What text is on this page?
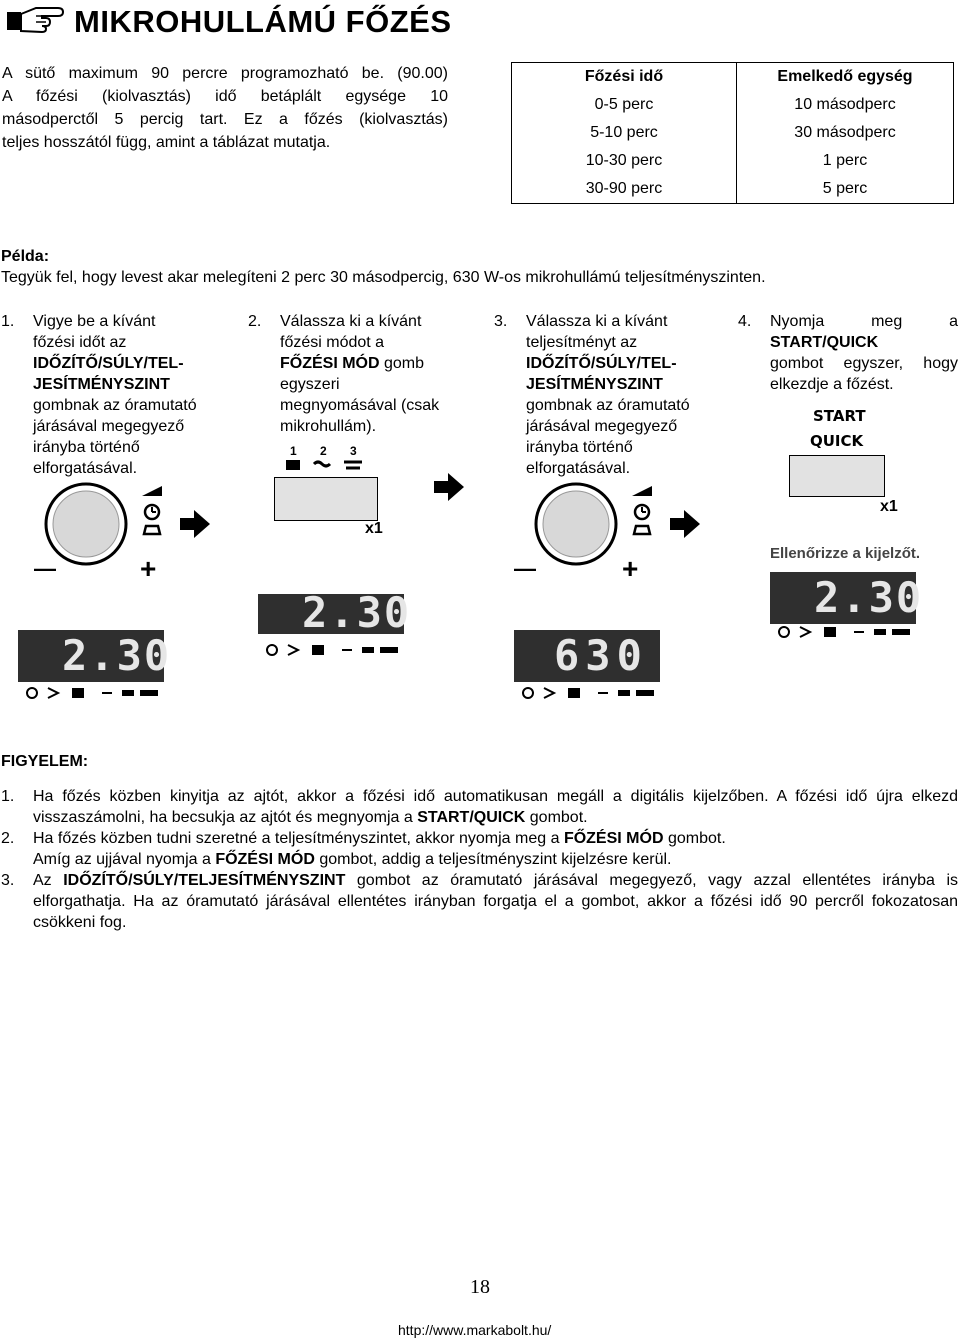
MIKROHULLÁMÚ FŐZÉS
A sütő maximum 90 percre programozható be. (90.00)
A főzési (kiolvasztás) idő betáplált egysége 10
másodperctől 5 percig tart. Ez a főzés (kiolvasztás)
teljes hosszától függ, amint a táblázat mutatja.
Főzési idő	Emelkedő egység
0-5 perc	10 másodperc
5-10 perc	30 másodperc
10-30 perc	1 perc
30-90 perc	5 perc
Példa:
Tegyük fel, hogy levest akar melegíteni 2 perc 30 másodpercig, 630 W-os mikrohullámú teljesítményszinten.
1. Vigye be a kívánt
főzési időt az
IDŐZÍTŐ/SÚLY/TEL-
JESÍTMÉNYSZINT
gombnak az óramutató
járásával megegyező
irányba történő
elforgatásával.
2. Válassza ki a kívánt
főzési módot a
FŐZÉSI MÓD gomb
egyszeri
megnyomásával (csak
mikrohullám).
3. Válassza ki a kívánt
teljesítményt az
IDŐZÍTŐ/SÚLY/TEL-
JESÍTMÉNYSZINT
gombnak az óramutató
járásával megegyező
irányba történő
elforgatásával.
4. Nyomja meg a
START/QUICK
gombot egyszer, hogy
elkezdje a főzést.
—	+
2.30
1 2 3
x1
2.30
—	+
630
START
QUICK
x1
Ellenőrizze a kijelzőt.
2.30
FIGYELEM:
1. Ha főzés közben kinyitja az ajtót, akkor a főzési idő automatikusan megáll a digitális kijelzőben. A főzési idő újra elkezd visszaszámolni, ha becsukja az ajtót és megnyomja a START/QUICK gombot.
2. Ha főzés közben tudni szeretné a teljesítményszintet, akkor nyomja meg a FŐZÉSI MÓD gombot.
Amíg az ujjával nyomja a FŐZÉSI MÓD gombot, addig a teljesítményszint kijelzésre kerül.
3. Az IDŐZÍTŐ/SÚLY/TELJESÍTMÉNYSZINT gombot az óramutató járásával megegyező, vagy azzal ellentétes irányba is elforgathatja. Ha az óramutató járásával ellentétes irányban forgatja el a gombot, akkor a főzési idő 90 percről fokozatosan csökkeni fog.
18
http://www.markabolt.hu/
